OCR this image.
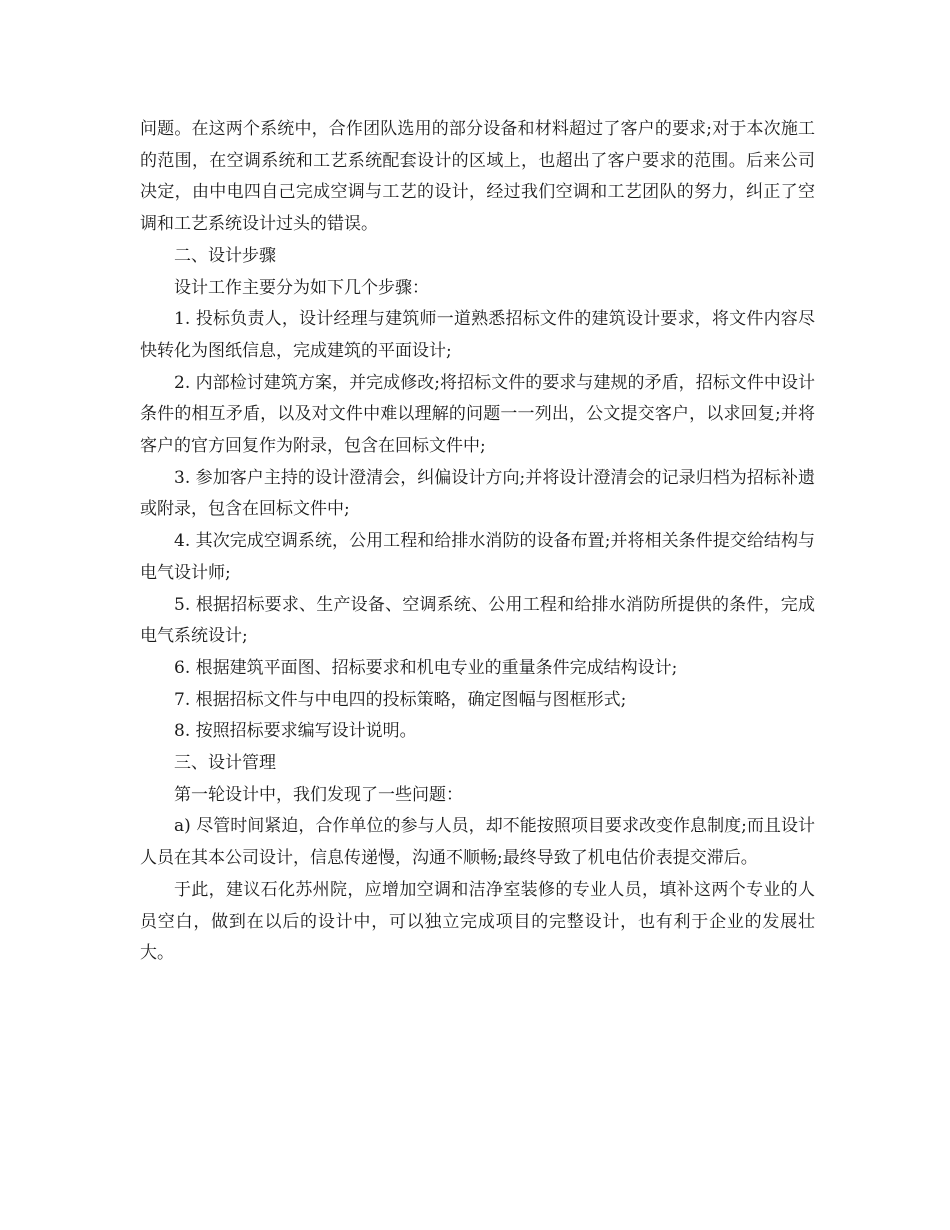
问题。在这两个系统中，合作团队选用的部分设备和材料超过了客户的要求;对于本次施工的范围，在空调系统和工艺系统配套设计的区域上，也超出了客户要求的范围。后来公司决定，由中电四自己完成空调与工艺的设计，经过我们空调和工艺团队的努力，纠正了空调和工艺系统设计过头的错误。

二、设计步骤

设计工作主要分为如下几个步骤：

1. 投标负责人，设计经理与建筑师一道熟悉招标文件的建筑设计要求，将文件内容尽快转化为图纸信息，完成建筑的平面设计;

2. 内部检讨建筑方案，并完成修改;将招标文件的要求与建规的矛盾，招标文件中设计条件的相互矛盾，以及对文件中难以理解的问题一一列出，公文提交客户，以求回复;并将客户的官方回复作为附录，包含在回标文件中;

3. 参加客户主持的设计澄清会，纠偏设计方向;并将设计澄清会的记录归档为招标补遗或附录，包含在回标文件中;

4. 其次完成空调系统，公用工程和给排水消防的设备布置;并将相关条件提交给结构与电气设计师;

5. 根据招标要求、生产设备、空调系统、公用工程和给排水消防所提供的条件，完成电气系统设计;

6. 根据建筑平面图、招标要求和机电专业的重量条件完成结构设计;

7. 根据招标文件与中电四的投标策略，确定图幅与图框形式;

8. 按照招标要求编写设计说明。

三、设计管理

第一轮设计中，我们发现了一些问题：

a) 尽管时间紧迫，合作单位的参与人员，却不能按照项目要求改变作息制度;而且设计人员在其本公司设计，信息传递慢，沟通不顺畅;最终导致了机电估价表提交滞后。

于此，建议石化苏州院，应增加空调和洁净室装修的专业人员，填补这两个专业的人员空白，做到在以后的设计中，可以独立完成项目的完整设计，也有利于企业的发展壮大。
